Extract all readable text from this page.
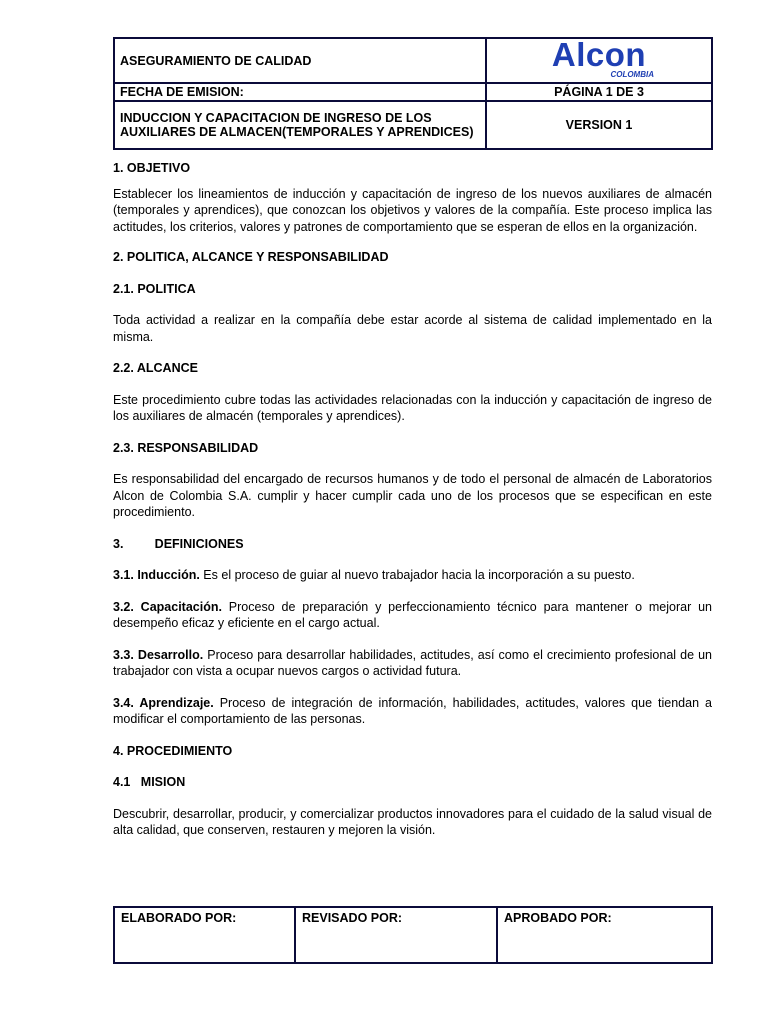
ASEGURAMIENTO DE CALIDAD	Alcon
COLOMBIA

FECHA DE EMISION:	PÁGINA 1 DE 3
INDUCCION Y CAPACITACION DE INGRESO DE LOS AUXILIARES DE ALMACEN(TEMPORALES Y APRENDICES)	VERSION 1

1. OBJETIVO

Establecer los lineamientos de inducción y capacitación de ingreso de los nuevos auxiliares de almacén (temporales y aprendices), que conozcan los objetivos y valores de la compañía. Este proceso implica las actitudes, los criterios, valores y patrones de comportamiento que se esperan de ellos en la organización.

2. POLITICA, ALCANCE Y RESPONSABILIDAD

2.1. POLITICA

Toda actividad a realizar en la compañía debe estar acorde al sistema de calidad implementado en la misma.

2.2. ALCANCE

Este procedimiento cubre todas las actividades relacionadas con la inducción y capacitación de ingreso de los auxiliares de almacén (temporales y aprendices).

2.3. RESPONSABILIDAD

Es responsabilidad del encargado de recursos humanos y de todo el personal de almacén de Laboratorios Alcon de Colombia S.A. cumplir y hacer cumplir cada uno de los procesos que se especifican en este procedimiento.

3.         DEFINICIONES

3.1. Inducción. Es el proceso de guiar al nuevo trabajador hacia la incorporación a su puesto.

3.2. Capacitación. Proceso de preparación y perfeccionamiento técnico para mantener o mejorar un desempeño eficaz y eficiente en el cargo actual.

3.3. Desarrollo. Proceso para desarrollar habilidades, actitudes, así como el crecimiento profesional de un trabajador con vista a ocupar nuevos cargos o actividad futura.

3.4. Aprendizaje. Proceso de integración de información, habilidades, actitudes, valores que tiendan a modificar el comportamiento de las personas.

4. PROCEDIMIENTO

4.1   MISION

Descubrir, desarrollar, producir, y comercializar productos innovadores para el cuidado de la salud visual de alta calidad, que conserven, restauren y mejoren la visión.

ELABORADO POR:	REVISADO POR:	APROBADO POR:
